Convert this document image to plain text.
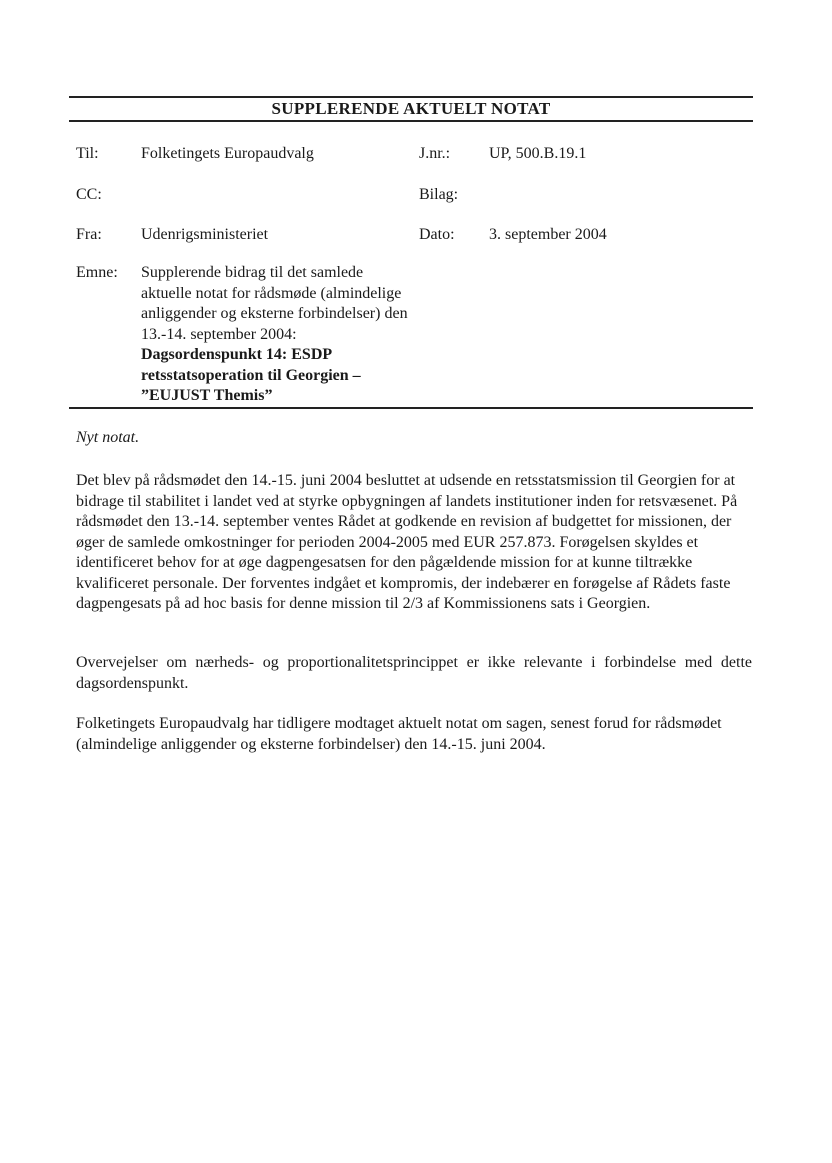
SUPPLERENDE AKTUELT NOTAT
Til:	Folketingets Europaudvalg	J.nr.: UP, 500.B.19.1
CC:	Bilag:
Fra: Udenrigsministeriet	Dato: 3. september 2004
Emne: Supplerende bidrag til det samlede aktuelle notat for rådsmøde (almindelige anliggender og eksterne forbindelser) den 13.-14. september 2004: Dagsordenspunkt 14: ESDP retsstatsoperation til Georgien – ”EUJUST Themis”
Nyt notat.
Det blev på rådsmødet den 14.-15. juni 2004 besluttet at udsende en retsstatsmission til Georgien for at bidrage til stabilitet i landet ved at styrke opbygningen af landets institutioner inden for retsvæsenet. På rådsmødet den 13.-14. september ventes Rådet at godkende en revision af budgettet for missionen, der øger de samlede omkostninger for perioden 2004-2005 med EUR 257.873. Forøgelsen skyldes et identificeret behov for at øge dagpengesatsen for den pågældende mission for at kunne tiltrække kvalificeret personale. Der forventes indgået et kompromis, der indebærer en forøgelse af Rådets faste dagpengesats på ad hoc basis for denne mission til 2/3 af Kommissionens sats i Georgien.
Overvejelser om nærheds- og proportionalitetsprincippet er ikke relevante i forbindelse med dette dagsordenspunkt.
Folketingets Europaudvalg har tidligere modtaget aktuelt notat om sagen, senest forud for rådsmødet (almindelige anliggender og eksterne forbindelser) den 14.-15. juni 2004.
